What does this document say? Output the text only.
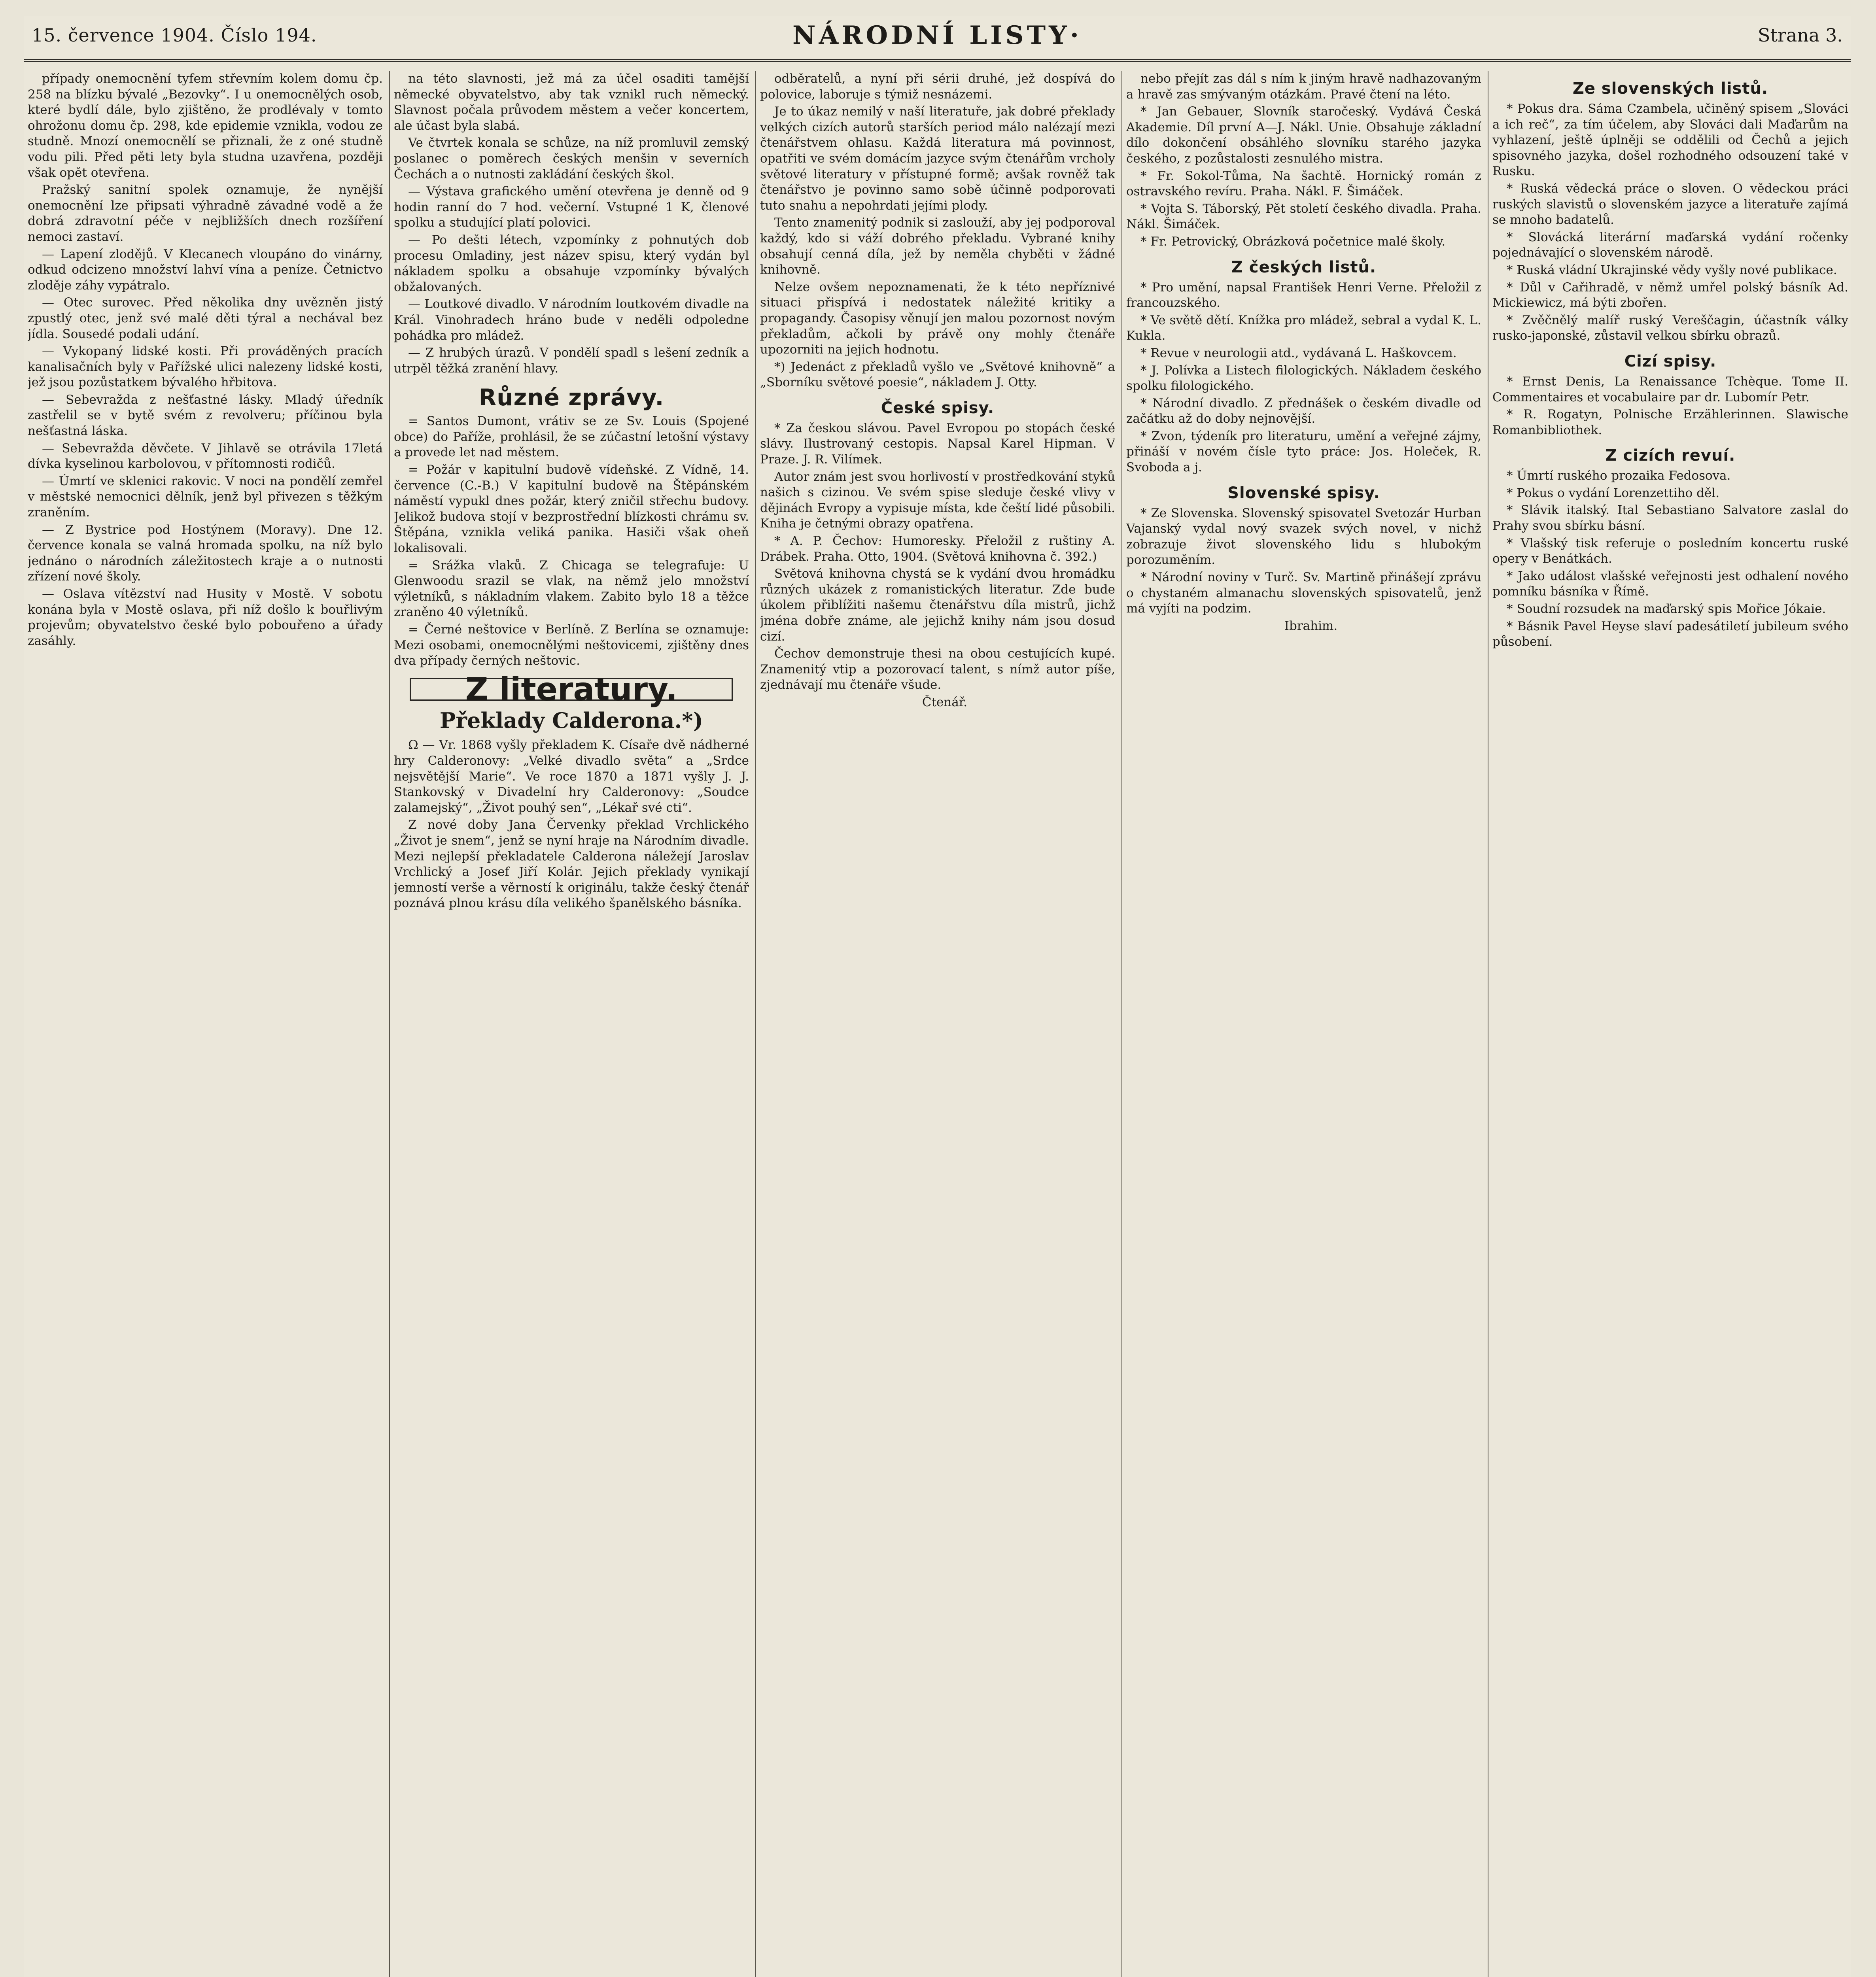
15. července 1904. Číslo 194.	NÁRODNÍ LISTY·	Strana 3.

případy onemocnění tyfem střevním kolem domu čp. 258 na blízku bývalé „Bezovky“. I u onemocnělých osob, které bydlí dále, bylo zjištěno, že prodlévaly v tomto ohrožonu domu čp. 298, kde epidemie vznikla, vodou ze studně. Mnozí onemocnělí se přiznali, že z oné studně vodu pili. Před pěti lety byla studna uzavřena, později však opět otevřena.

Pražský sanitní spolek oznamuje, že nynější onemocnění lze připsati výhradně závadné vodě a že dobrá zdravotní péče v nejbližších dnech rozšíření nemoci zastaví.

— Lapení zlodějů. V Klecanech vloupáno do vinárny, odkud odcizeno množství lahví vína a peníze. Četnictvo zloděje záhy vypátralo.

— Otec surovec. Před několika dny uvězněn jistý zpustlý otec, jenž své malé děti týral a nechával bez jídla. Sousedé podali udání.

— Vykopaný lidské kosti. Při prováděných pracích kanalisačních byly v Pařížské ulici nalezeny lidské kosti, jež jsou pozůstatkem bývalého hřbitova.

— Sebevražda z nešťastné lásky. Mladý úředník zastřelil se v bytě svém z revolveru; příčinou byla nešťastná láska.

— Sebevražda děvčete. V Jihlavě se otrávila 17letá dívka kyselinou karbolovou, v přítomnosti rodičů.

— Úmrtí ve sklenici rakovic. V noci na pondělí zemřel v městské nemocnici dělník, jenž byl přivezen s těžkým zraněním.

— Z Bystrice pod Hostýnem (Moravy). Dne 12. července konala se valná hromada spolku, na níž bylo jednáno o národních záležitostech kraje a o nutnosti zřízení nové školy.

— Oslava vítězství nad Husity v Mostě. V sobotu konána byla v Mostě oslava, při níž došlo k bouřlivým projevům; obyvatelstvo české bylo pobouřeno a úřady zasáhly.

na této slavnosti, jež má za účel osaditi tamější německé obyvatelstvo, aby tak vznikl ruch německý. Slavnost počala průvodem městem a večer koncertem, ale účast byla slabá.

Ve čtvrtek konala se schůze, na níž promluvil zemský poslanec o poměrech českých menšin v severních Čechách a o nutnosti zakládání českých škol.

— Výstava grafického umění otevřena je denně od 9 hodin ranní do 7 hod. večerní. Vstupné 1 K, členové spolku a studující platí polovici.

— Po dešti létech, vzpomínky z pohnutých dob procesu Omladiny, jest název spisu, který vydán byl nákladem spolku a obsahuje vzpomínky bývalých obžalovaných.

— Loutkové divadlo. V národním loutkovém divadle na Král. Vinohradech hráno bude v neděli odpoledne pohádka pro mládež.

— Z hrubých úrazů. V pondělí spadl s lešení zedník a utrpěl těžká zranění hlavy.

Různé zprávy.

= Santos Dumont, vrátiv se ze Sv. Louis (Spojené obce) do Paříže, prohlásil, že se zúčastní letošní výstavy a provede let nad městem.

= Požár v kapitulní budově vídeňské. Z Vídně, 14. července (C.-B.) V kapitulní budově na Štěpánském náměstí vypukl dnes požár, který zničil střechu budovy. Jelikož budova stojí v bezprostřední blízkosti chrámu sv. Štěpána, vznikla veliká panika. Hasiči však oheň lokalisovali.

= Srážka vlaků. Z Chicaga se telegrafuje: U Glenwoodu srazil se vlak, na němž jelo množství výletníků, s nákladním vlakem. Zabito bylo 18 a těžce zraněno 40 výletníků.

= Černé neštovice v Berlíně. Z Berlína se oznamuje: Mezi osobami, onemocnělými neštovicemi, zjištěny dnes dva případy černých neštovic.

Z literatury.
Překlady Calderona.*)

Ω — Vr. 1868 vyšly překladem K. Císaře dvě nádherné hry Calderonovy: „Velké divadlo světa“ a „Srdce nejsvětější Marie“. Ve roce 1870 a 1871 vyšly J. J. Stankovský v Divadelní hry Calderonovy: „Soudce zalamejský“, „Život pouhý sen“, „Lékař své cti“.

Z nové doby Jana Červenky překlad Vrchlického „Život je snem“, jenž se nyní hraje na Národním divadle. Mezi nejlepší překladatele Calderona náležejí Jaroslav Vrchlický a Josef Jiří Kolár. Jejich překlady vynikají jemností verše a věrností k originálu, takže český čtenář poznává plnou krásu díla velikého španělského básníka.

odběratelů, a nyní při sérii druhé, jež dospívá do polovice, laboruje s týmiž nesnázemi.

Je to úkaz nemilý v naší literatuře, jak dobré překlady velkých cizích autorů starších period málo nalézají mezi čtenářstvem ohlasu. Každá literatura má povinnost, opatřiti ve svém domácím jazyce svým čtenářům vrcholy světové literatury v přístupné formě; avšak rovněž tak čtenářstvo je povinno samo sobě účinně podporovati tuto snahu a nepohrdati jejími plody.

Tento znamenitý podnik si zaslouží, aby jej podporoval každý, kdo si váží dobrého překladu. Vybrané knihy obsahují cenná díla, jež by neměla chyběti v žádné knihovně.

Nelze ovšem nepoznamenati, že k této nepříznivé situaci přispívá i nedostatek náležité kritiky a propagandy. Časopisy věnují jen malou pozornost novým překladům, ačkoli by právě ony mohly čtenáře upozorniti na jejich hodnotu.

*) Jedenáct z překladů vyšlo ve „Světové knihovně“ a „Sborníku světové poesie“, nákladem J. Otty.

České spisy.

* Za českou slávou. Pavel Evropou po stopách české slávy. Ilustrovaný cestopis. Napsal Karel Hipman. V Praze. J. R. Vilímek.

Autor znám jest svou horlivostí v prostředkování styků našich s cizinou. Ve svém spise sleduje české vlivy v dějinách Evropy a vypisuje místa, kde čeští lidé působili. Kniha je četnými obrazy opatřena.

* A. P. Čechov: Humoresky. Přeložil z ruštiny A. Drábek. Praha. Otto, 1904. (Světová knihovna č. 392.)

Světová knihovna chystá se k vydání dvou hromádku různých ukázek z romanistických literatur. Zde bude úkolem přiblížiti našemu čtenářstvu díla mistrů, jichž jména dobře známe, ale jejichž knihy nám jsou dosud cizí.

Čechov demonstruje thesi na obou cestujících kupé. Znamenitý vtip a pozorovací talent, s nímž autor píše, zjednávají mu čtenáře všude.

Čtenář.

nebo přejít zas dál s ním k jiným hravě nadhazovaným a hravě zas smývaným otázkám. Pravé čtení na léto.

* Jan Gebauer, Slovník staročeský. Vydává Česká Akademie. Díl první A—J. Nákl. Unie. Obsahuje základní dílo dokončení obsáhlého slovníku starého jazyka českého, z pozůstalosti zesnulého mistra.

* Fr. Sokol-Tůma, Na šachtě. Hornický román z ostravského revíru. Praha. Nákl. F. Šimáček.

* Vojta S. Táborský, Pět století českého divadla. Praha. Nákl. Šimáček.

* Fr. Petrovický, Obrázková početnice malé školy.

Z českých listů.

* Pro umění, napsal František Henri Verne. Přeložil z francouzského.

* Ve světě dětí. Knížka pro mládež, sebral a vydal K. L. Kukla.

* Revue v neurologii atd., vydávaná L. Haškovcem.

* J. Polívka a Listech filologických. Nákladem českého spolku filologického.

* Národní divadlo. Z přednášek o českém divadle od začátku až do doby nejnovější.

* Zvon, týdeník pro literaturu, umění a veřejné zájmy, přináší v novém čísle tyto práce: Jos. Holeček, R. Svoboda a j.

Slovenské spisy.

* Ze Slovenska. Slovenský spisovatel Svetozár Hurban Vajanský vydal nový svazek svých novel, v nichž zobrazuje život slovenského lidu s hlubokým porozuměním.

* Národní noviny v Turč. Sv. Martině přinášejí zprávu o chystaném almanachu slovenských spisovatelů, jenž má vyjíti na podzim.

Ibrahim.

Ze slovenských listů.

* Pokus dra. Sáma Czambela, učiněný spisem „Slováci a ich reč“, za tím účelem, aby Slováci dali Maďarům na vyhlazení, ještě úplněji se oddělili od Čechů a jejich spisovného jazyka, došel rozhodného odsouzení také v Rusku.

* Ruská vědecká práce o sloven. O vědeckou práci ruských slavistů o slovenském jazyce a literatuře zajímá se mnoho badatelů.

* Slovácká literární maďarská vydání ročenky pojednávající o slovenském národě.

* Ruská vládní Ukrajinské vědy vyšly nové publikace.

* Důl v Cařihradě, v němž umřel polský básník Ad. Mickiewicz, má býti zbořen.

* Zvěčnělý malíř ruský Vereščagin, účastník války rusko-japonské, zůstavil velkou sbírku obrazů.

Cizí spisy.

* Ernst Denis, La Renaissance Tchèque. Tome II. Commentaires et vocabulaire par dr. Lubomír Petr.

* R. Rogatyn, Polnische Erzählerinnen. Slawische Romanbibliothek.

Z cizích revuí.

* Úmrtí ruského prozaika Fedosova.

* Pokus o vydání Lorenzettiho děl.

* Slávik italský. Ital Sebastiano Salvatore zaslal do Prahy svou sbírku básní.

* Vlašský tisk referuje o posledním koncertu ruské opery v Benátkách.

* Jako událost vlašské veřejnosti jest odhalení nového pomníku básníka v Římě.

* Soudní rozsudek na maďarský spis Mořice Jókaie.

* Básnik Pavel Heyse slaví padesátiletí jubileum svého působení.
